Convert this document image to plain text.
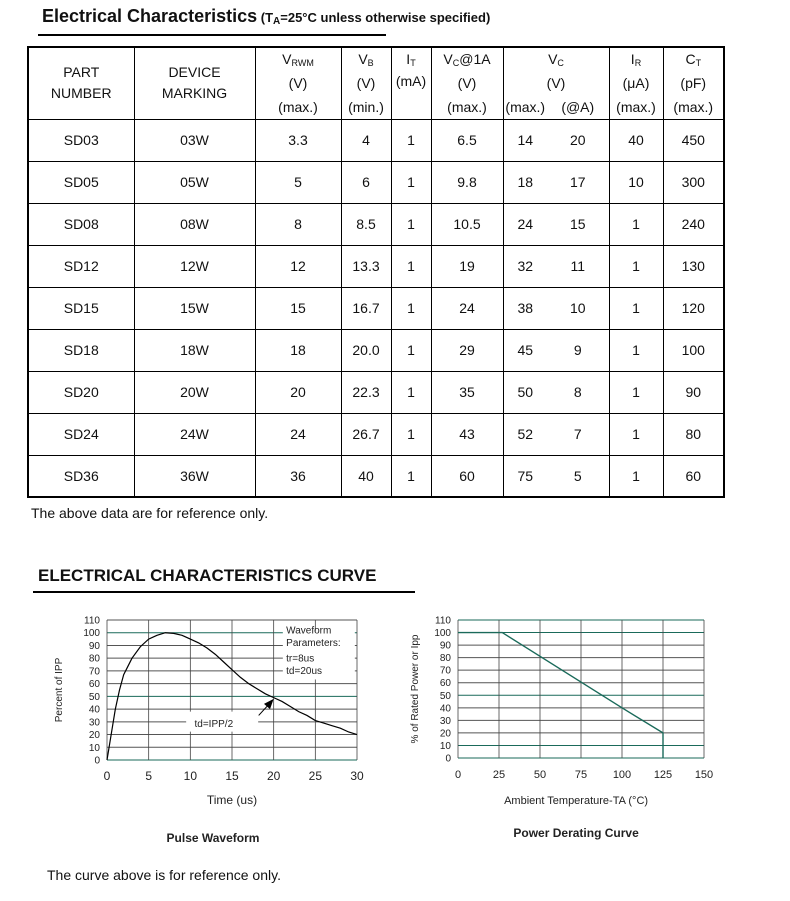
Electrical Characteristics ($T_A=25^\circ C$ unless otherwise specified)
PART NUMBER	DEVICE MARKING	$V_{RWM}$	$V_B$	$I_T$	$V_C@1A$	$V_C$		$I_R$	$C_T$
		(V)	(V)	(mA)	(V)	(V)		(μA)	(pF)
		(max.)	(min.)		(max.)	(max.)	(@A)	(max.)	(max.)
SD03	03W	3.3	4	1	6.5	14	20	40	450
SD05	05W	5	6	1	9.8	18	17	10	300
SD08	08W	8	8.5	1	10.5	24	15	1	240
SD12	12W	12	13.3	1	19	32	11	1	130
SD15	15W	15	16.7	1	24	38	10	1	120
SD18	18W	18	20.0	1	29	45	9	1	100
SD20	20W	20	22.3	1	35	50	8	1	90
SD24	24W	24	26.7	1	43	52	7	1	80
SD36	36W	36	40	1	60	75	5	1	60
The above data are for reference only.
ELECTRICAL CHARACTERISTICS CURVE
0
10
20
30
40
50
60
70
80
90
100
110
0	5	10 15 20 25 30
Waveform
Parameters:
tr=8us
td=20us
td=IPP/2
Percent of IPP
Time (us)
Pulse Waveform
0
10
20
30
40
50
60
70
80
90
100
110
0	25	50	75 100 125 150
% of Rated Power or Ipp
Ambient Temperature-TA (°C)
Power Derating Curve
The curve above is for reference only.
